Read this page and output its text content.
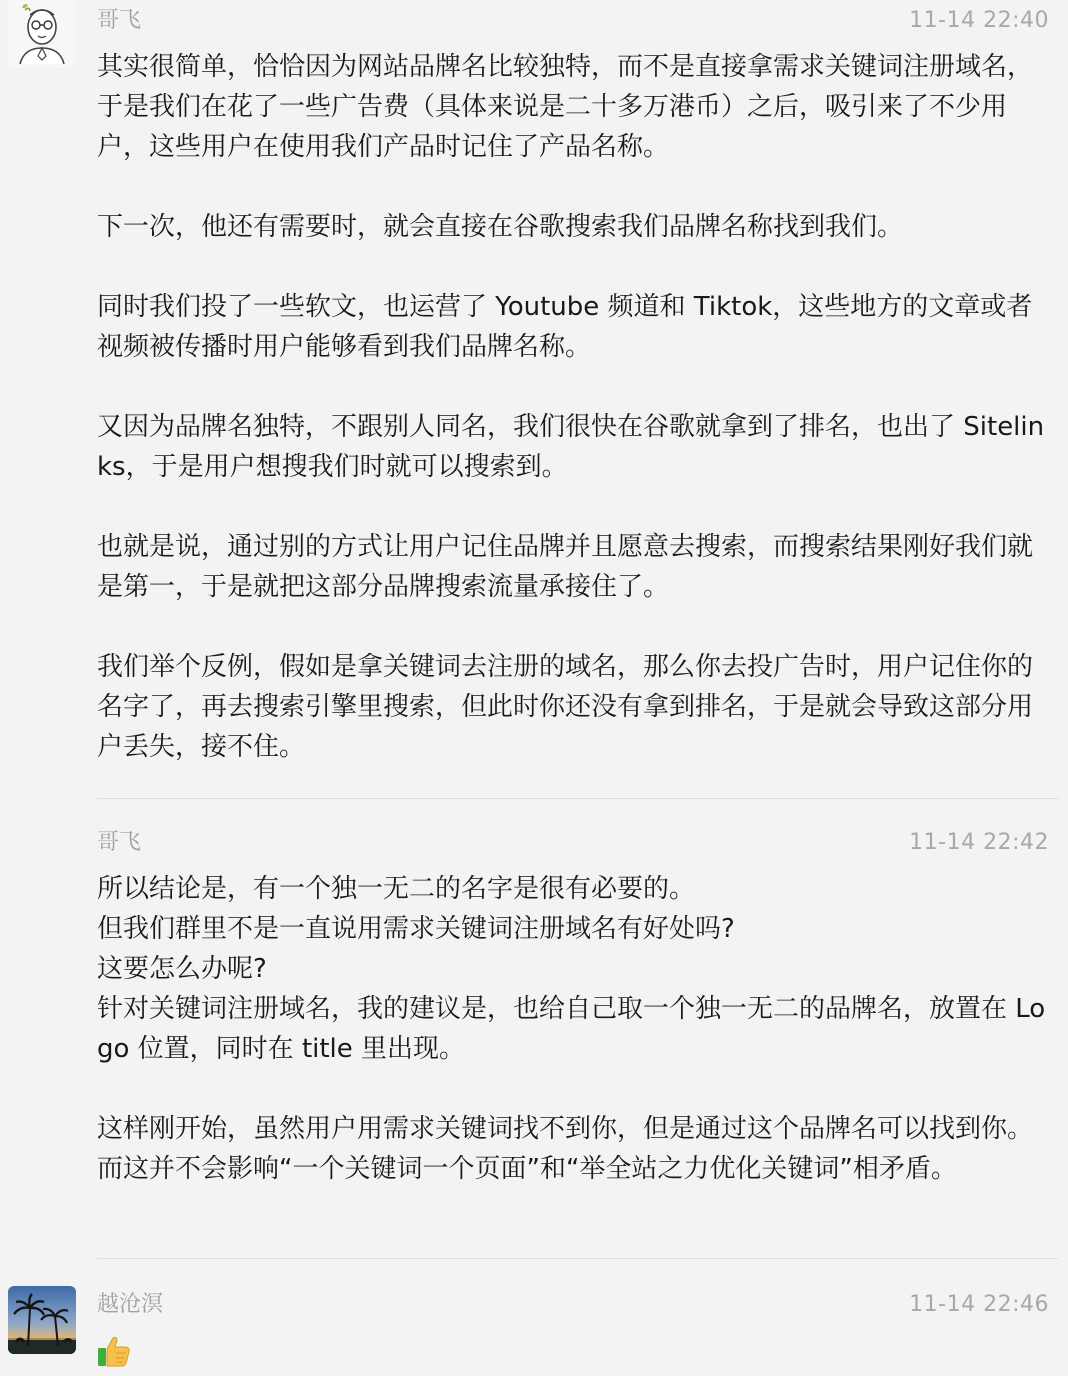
哥飞	11-14 22:40

其实很简单，恰恰因为网站品牌名比较独特，而不是直接拿需求关键词注册域名，于是我们在花了一些广告费（具体来说是二十多万港币）之后，吸引来了不少用户，这些用户在使用我们产品时记住了产品名称。

下一次，他还有需要时，就会直接在谷歌搜索我们品牌名称找到我们。

同时我们投了一些软文，也运营了 Youtube 频道和 Tiktok，这些地方的文章或者视频被传播时用户能够看到我们品牌名称。

又因为品牌名独特，不跟别人同名，我们很快在谷歌就拿到了排名，也出了 Sitelinks，于是用户想搜我们时就可以搜索到。

也就是说，通过别的方式让用户记住品牌并且愿意去搜索，而搜索结果刚好我们就是第一，于是就把这部分品牌搜索流量承接住了。

我们举个反例，假如是拿关键词去注册的域名，那么你去投广告时，用户记住你的名字了，再去搜索引擎里搜索，但此时你还没有拿到排名，于是就会导致这部分用户丢失，接不住。

哥飞	11-14 22:42

所以结论是，有一个独一无二的名字是很有必要的。

但我们群里不是一直说用需求关键词注册域名有好处吗?

这要怎么办呢?

针对关键词注册域名，我的建议是，也给自己取一个独一无二的品牌名，放置在 Logo 位置，同时在 title 里出现。

这样刚开始，虽然用户用需求关键词找不到你，但是通过这个品牌名可以找到你。

而这并不会影响“一个关键词一个页面”和“举全站之力优化关键词”相矛盾。

越沧溟	11-14 22:46
